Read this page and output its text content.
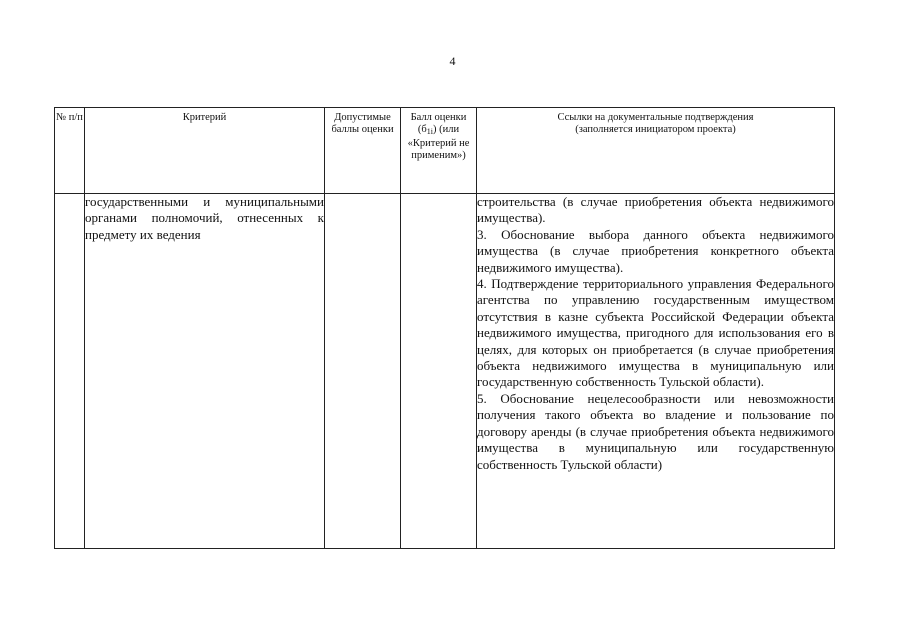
4
№ п/п	Критерий	Допустимые баллы оценки	Балл оценки $(б_{1i})$ (или «Критерий не применим»)	Ссылки на документальные подтверждения
(заполняется инициатором проекта)

	государственными и муниципальными органами полномочий, отнесенных к предмету их ведения			строительства (в случае приобретения объекта недвижимого имущества).

3. Обоснование выбора данного объекта недвижимого имущества (в случае приобретения конкретного объекта недвижимого имущества).

4. Подтверждение территориального управления Федерального агентства по управлению государственным имуществом отсутствия в казне субъекта Российской Федерации объекта недвижимого имущества, пригодного для использования его в целях, для которых он приобретается (в случае приобретения объекта недвижимого имущества в муниципальную или государственную собственность Тульской области).

5. Обоснование нецелесообразности или невозможности получения такого объекта во владение и пользование по договору аренды (в случае приобретения объекта недвижимого имущества в муниципальную или государственную собственность Тульской области)
